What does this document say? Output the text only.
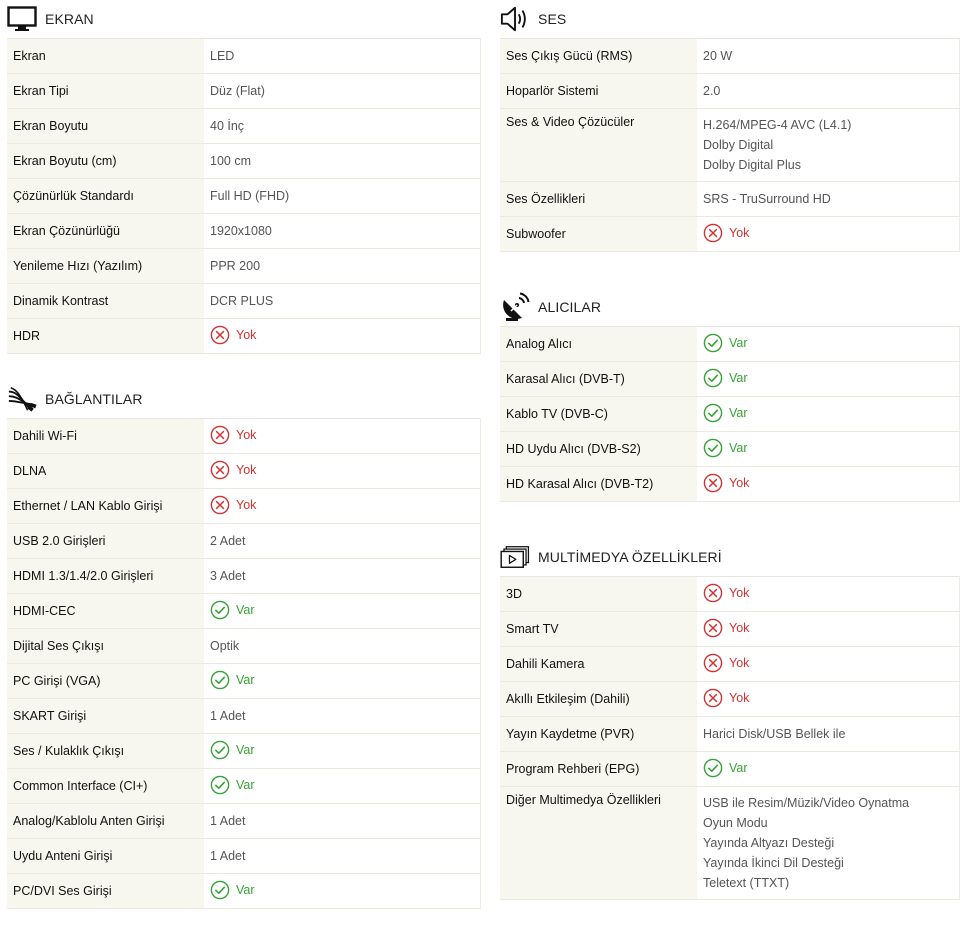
EKRAN
Ekran	LED
Ekran Tipi	Düz (Flat)
Ekran Boyutu	40 İnç
Ekran Boyutu (cm)	100 cm
Çözünürlük Standardı	Full HD (FHD)
Ekran Çözünürlüğü	1920x1080
Yenileme Hızı (Yazılım)	PPR 200
Dinamik Kontrast	DCR PLUS
HDR	Yok
BAĞLANTILAR
Dahili Wi-Fi	Yok

DLNA	Yok

Ethernet / LAN Kablo Girişi	Yok

USB 2.0 Girişleri	2 Adet
HDMI 1.3/1.4/2.0 Girişleri	3 Adet
HDMI-CEC	Var

Dijital Ses Çıkışı	Optik
PC Girişi (VGA)	Var

SKART Girişi	1 Adet
Ses / Kulaklık Çıkışı	Var

Common Interface (CI+)	Var

Analog/Kablolu Anten Girişi	1 Adet
Uydu Anteni Girişi	1 Adet
PC/DVI Ses Girişi	Var
SES
Ses Çıkış Gücü (RMS)	20 W
Hoparlör Sistemi	2.0
Ses & Video Çözücüler	H.264/MPEG-4 AVC (L4.1)
Dolby Digital
Dolby Digital Plus

Ses Özellikleri	SRS - TruSurround HD
Subwoofer	Yok
ALICILAR
Analog Alıcı	Var

Karasal Alıcı (DVB-T)	Var

Kablo TV (DVB-C)	Var

HD Uydu Alıcı (DVB-S2)	Var

HD Karasal Alıcı (DVB-T2)	Yok
MULTİMEDYA ÖZELLİKLERİ
3D	Yok

Smart TV	Yok

Dahili Kamera	Yok

Akıllı Etkileşim (Dahili)	Yok

Yayın Kaydetme (PVR)	Harici Disk/USB Bellek ile
Program Rehberi (EPG)	Var

Diğer Multimedya Özellikleri	USB ile Resim/Müzik/Video Oynatma
Oyun Modu
Yayında Altyazı Desteği
Yayında İkinci Dil Desteği
Teletext (TTXT)
